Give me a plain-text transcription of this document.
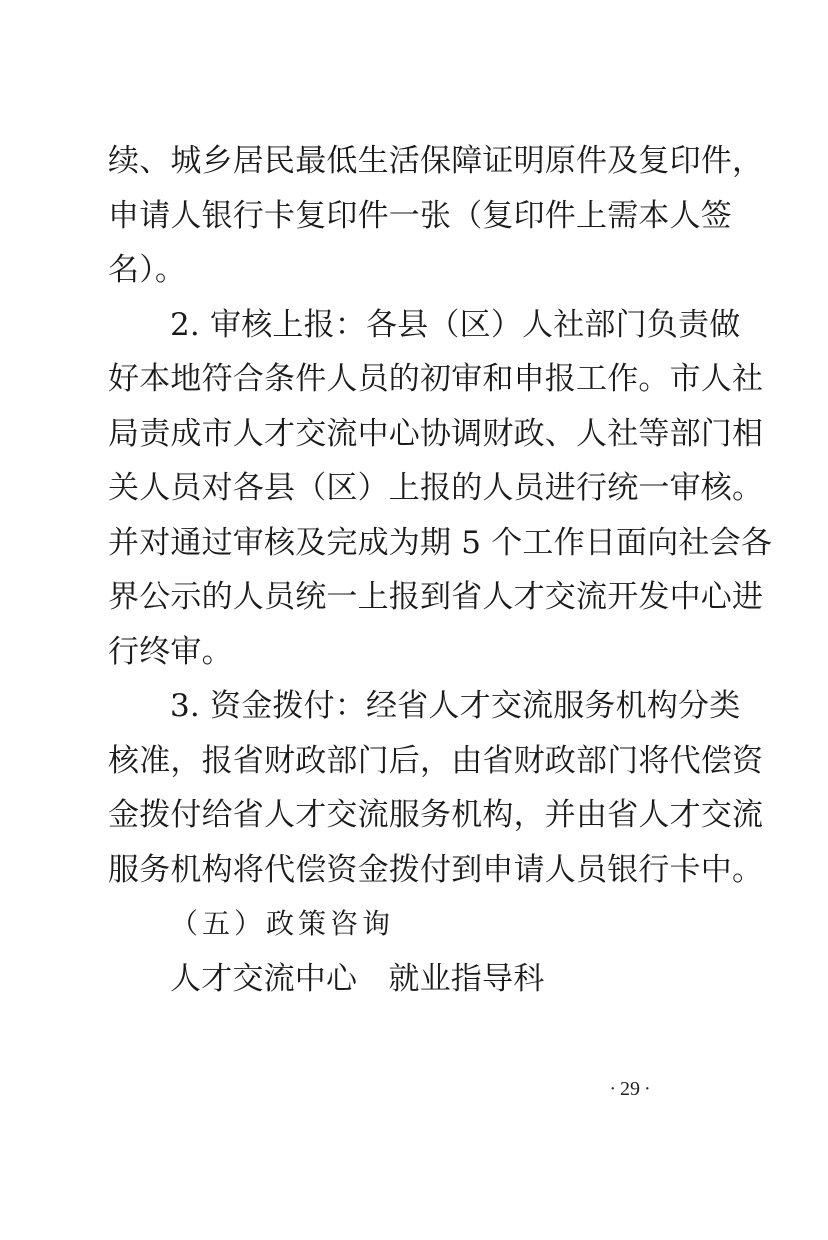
续、城乡居民最低生活保障证明原件及复印件，
申请人银行卡复印件一张（复印件上需本人签
名）。
2. 审核上报：各县（区）人社部门负责做
好本地符合条件人员的初审和申报工作。市人社
局责成市人才交流中心协调财政、人社等部门相
关人员对各县（区）上报的人员进行统一审核。
并对通过审核及完成为期 5 个工作日面向社会各
界公示的人员统一上报到省人才交流开发中心进
行终审。
3. 资金拨付：经省人才交流服务机构分类
核准，报省财政部门后，由省财政部门将代偿资
金拨付给省人才交流服务机构，并由省人才交流
服务机构将代偿资金拨付到申请人员银行卡中。
（五）政策咨询
人才交流中心　就业指导科
· 29 ·
